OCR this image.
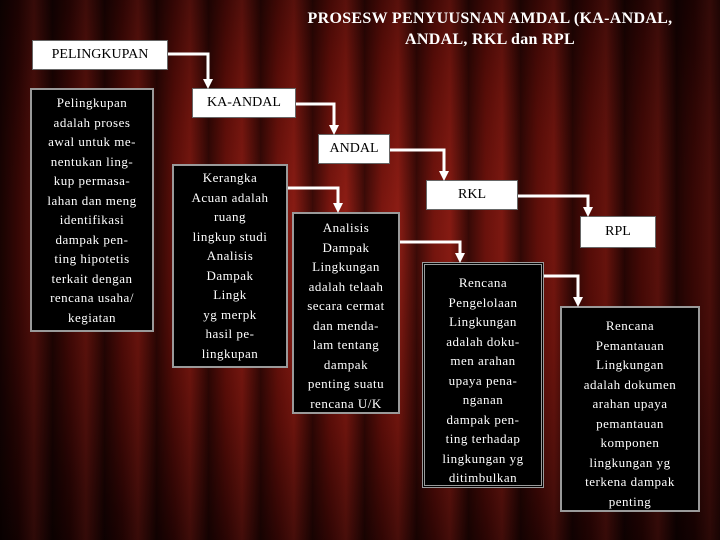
PROSESW PENYUUSNAN AMDAL (KA-ANDAL,
ANDAL, RKL dan RPL
PELINGKUPAN
KA-ANDAL
ANDAL
RKL
RPL
Pelingkupan
adalah proses
awal untuk me-
nentukan ling-
kup permasa-
lahan dan meng
identifikasi
dampak pen-
ting hipotetis
terkait dengan
rencana usaha/
kegiatan
Kerangka
Acuan adalah
ruang
lingkup studi
Analisis
Dampak
Lingk
yg merpk
hasil pe-
lingkupan
Analisis
Dampak
Lingkungan
adalah telaah
secara cermat
dan menda-
lam tentang
dampak
penting suatu
rencana U/K
Rencana
Pengelolaan
Lingkungan
adalah doku-
men arahan
upaya pena-
nganan
dampak pen-
ting terhadap
lingkungan yg
ditimbulkan
Rencana
Pemantauan
Lingkungan
adalah dokumen
arahan upaya
pemantauan
komponen
lingkungan yg
terkena dampak
penting
